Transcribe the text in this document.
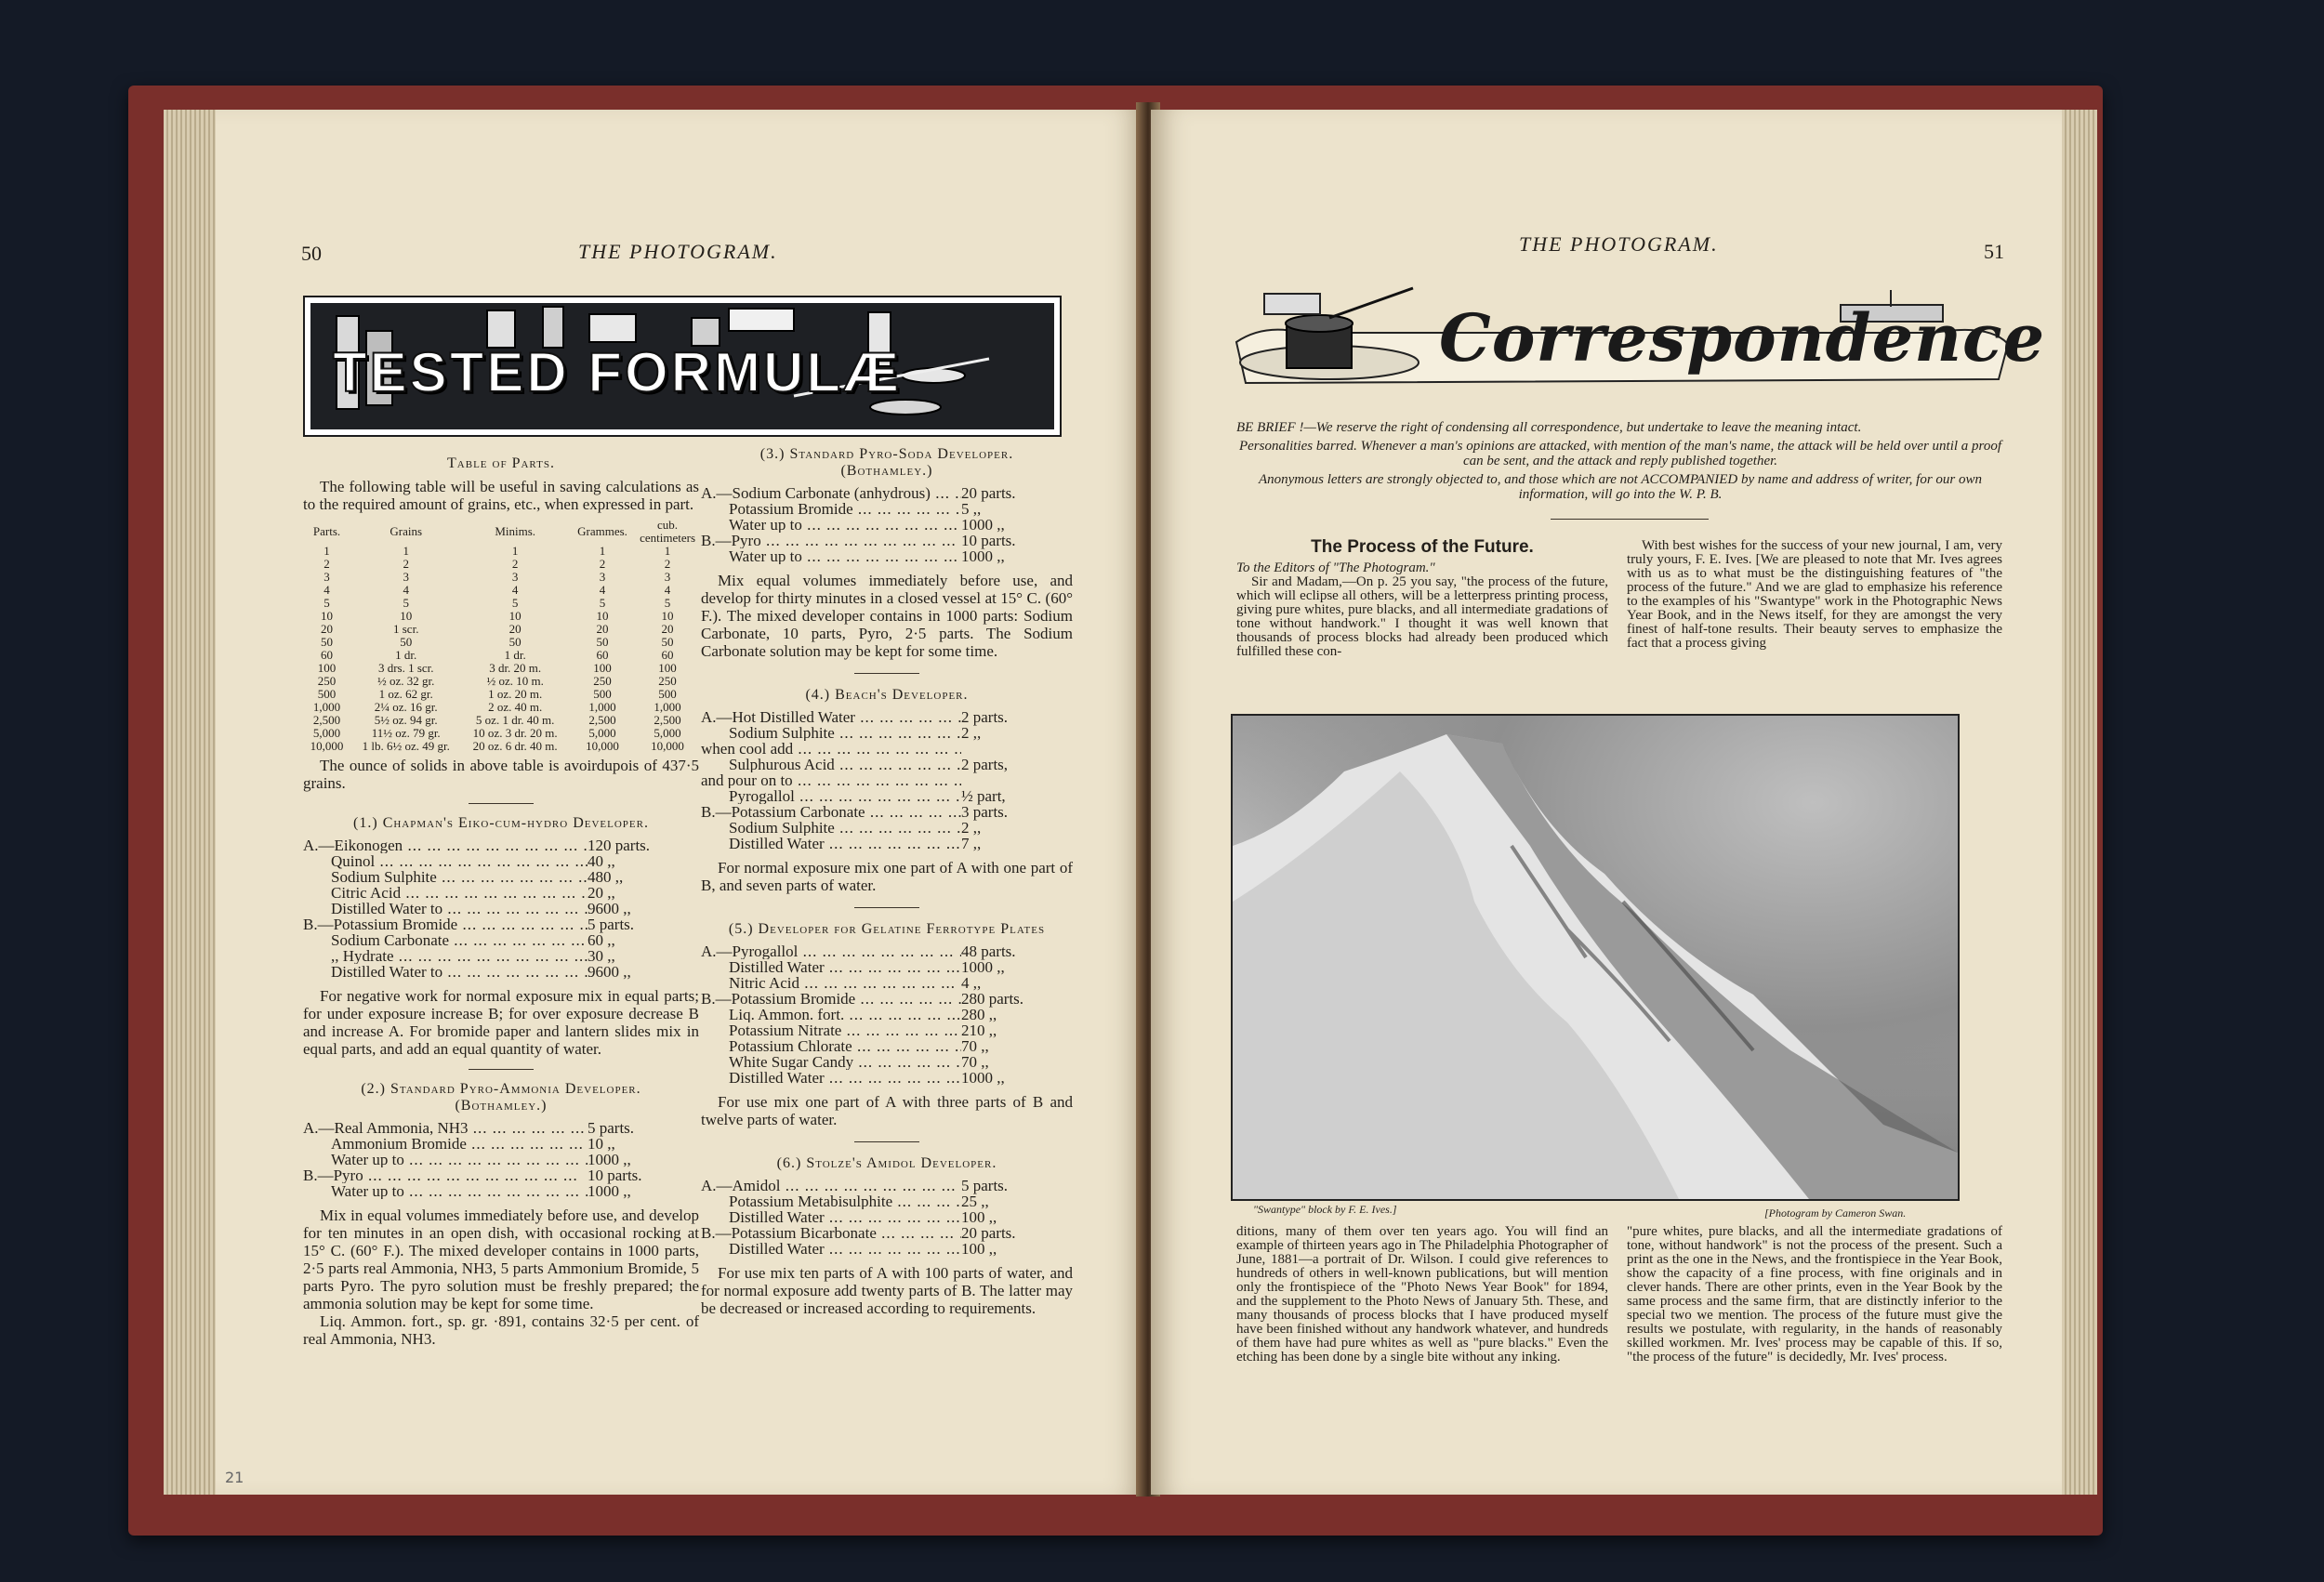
50	THE PHOTOGRAM.
TESTED FORMULÆ
Table of Parts.
The following table will be useful in saving calculations as to the required amount of grains, etc., when expressed in part.
Parts.	Grains	Minims.	Grammes.	cub. centimeters
1	1	1	1	1
2	2	2	2	2
3	3	3	3	3
4	4	4	4	4
5	5	5	5	5
10	10	10	10	10
20	1 scr.	20	20	20
50	50	50	50	50
60	1 dr.	1 dr.	60	60
100	3 drs. 1 scr.	3 dr. 20 m.	100	100
250	½ oz. 32 gr.	½ oz. 10 m.	250	250
500	1 oz. 62 gr.	1 oz. 20 m.	500	500
1,000	2¼ oz. 16 gr.	2 oz. 40 m.	1,000	1,000
2,500	5½ oz. 94 gr.	5 oz. 1 dr. 40 m.	2,500	2,500
5,000	11½ oz. 79 gr.	10 oz. 3 dr. 20 m.	5,000	5,000
10,000	1 lb. 6½ oz. 49 gr.	20 oz. 6 dr. 40 m.	10,000	10,000
The ounce of solids in above table is avoirdupois of 437·5 grains.
(1.) Chapman's Eiko-cum-hydro Developer.
A.—Eikonogen ... .	120 parts.
Quinol ... .	40 ,,
Sodium Sulphite ... .	480 ,,
Citric Acid ... .	20 ,,
Distilled Water to ... .	9600 ,,
B.—Potassium Bromide ... .	5 parts.
Sodium Carbonate ... .	60 ,,
,, Hydrate ... .	30 ,,
Distilled Water to ... .	9600 ,,
For negative work for normal exposure mix in equal parts; for under exposure increase B; for over exposure decrease B and increase A. For bromide paper and lantern slides mix in equal parts, and add an equal quantity of water.
(2.) Standard Pyro-Ammonia Developer.
(Bothamley.)
A.—Real Ammonia, NH3 ... .	5 parts.
Ammonium Bromide ... .	10 ,,
Water up to ... .	1000 ,,
B.—Pyro ... .	10 parts.
Water up to ... .	1000 ,,
Mix in equal volumes immediately before use, and develop for ten minutes in an open dish, with occasional rocking at 15° C. (60° F.). The mixed developer contains in 1000 parts, 2·5 parts real Ammonia, NH3, 5 parts Ammonium Bromide, 5 parts Pyro. The pyro solution must be freshly prepared; the ammonia solution may be kept for some time.
Liq. Ammon. fort., sp. gr. ·891, contains 32·5 per cent. of real Ammonia, NH3.
(3.) Standard Pyro-Soda Developer.
(Bothamley.)
A.—Sodium Carbonate (anhydrous) ... .	20 parts.
Potassium Bromide ... .	5 ,,
Water up to ... .	1000 ,,
B.—Pyro ... .	10 parts.
Water up to ... .	1000 ,,
Mix equal volumes immediately before use, and develop for thirty minutes in a closed vessel at 15° C. (60° F.). The mixed developer contains in 1000 parts: Sodium Carbonate, 10 parts, Pyro, 2·5 parts. The Sodium Carbonate solution may be kept for some time.
(4.) Beach's Developer.
A.—Hot Distilled Water ... .	2 parts.
Sodium Sulphite ... .	2 ,,
when cool add ... .
Sulphurous Acid ... .	2 parts,
and pour on to ... .
Pyrogallol ... .	½ part,
B.—Potassium Carbonate ... .	3 parts.
Sodium Sulphite ... .	2 ,,
Distilled Water ... .	7 ,,
For normal exposure mix one part of A with one part of B, and seven parts of water.
(5.) Developer for Gelatine Ferrotype Plates
A.—Pyrogallol ... .	48 parts.
Distilled Water ... .	1000 ,,
Nitric Acid ... .	4 ,,
B.—Potassium Bromide ... .	280 parts.
Liq. Ammon. fort. ... .	280 ,,
Potassium Nitrate ... .	210 ,,
Potassium Chlorate ... .	70 ,,
White Sugar Candy ... .	70 ,,
Distilled Water ... .	1000 ,,
For use mix one part of A with three parts of B and twelve parts of water.
(6.) Stolze's Amidol Developer.
A.—Amidol ... .	5 parts.
Potassium Metabisulphite ... .	25 ,,
Distilled Water ... .	100 ,,
B.—Potassium Bicarbonate ... .	20 parts.
Distilled Water ... .	100 ,,
For use mix ten parts of A with 100 parts of water, and for normal exposure add twenty parts of B. The latter may be decreased or increased according to requirements.
21
THE PHOTOGRAM.	51
Correspondence
BE BRIEF !—We reserve the right of condensing all correspondence, but undertake to leave the meaning intact.
Personalities barred. Whenever a man's opinions are attacked, with mention of the man's name, the attack will be held over until a proof can be sent, and the attack and reply published together.
Anonymous letters are strongly objected to, and those which are not ACCOMPANIED by name and address of writer, for our own information, will go into the W. P. B.
The Process of the Future.
To the Editors of "The Photogram."
Sir and Madam,—On p. 25 you say, "the process of the future, which will eclipse all others, will be a letterpress printing process, giving pure whites, pure blacks, and all intermediate gradations of tone without handwork." I thought it was well known that thousands of process blocks had already been produced which fulfilled these con-
With best wishes for the success of your new journal, I am, very truly yours, F. E. Ives. [We are pleased to note that Mr. Ives agrees with us as to what must be the distinguishing features of "the process of the future." And we are glad to emphasize his reference to the examples of his "Swantype" work in the Photographic News Year Book, and in the News itself, for they are amongst the very finest of half-tone results. Their beauty serves to emphasize the fact that a process giving
"Swantype" block by F. E. Ives.]	[Photogram by Cameron Swan.
ditions, many of them over ten years ago. You will find an example of thirteen years ago in The Philadelphia Photographer of June, 1881—a portrait of Dr. Wilson. I could give references to hundreds of others in well-known publications, but will mention only the frontispiece of the "Photo News Year Book" for 1894, and the supplement to the Photo News of January 5th. These, and many thousands of process blocks that I have produced myself have been finished without any handwork whatever, and hundreds of them have had pure whites as well as "pure blacks." Even the etching has been done by a single bite without any inking.
"pure whites, pure blacks, and all the intermediate gradations of tone, without handwork" is not the process of the present. Such a print as the one in the News, and the frontispiece in the Year Book, show the capacity of a fine process, with fine originals and in clever hands. There are other prints, even in the Year Book by the same process and the same firm, that are distinctly inferior to the special two we mention. The process of the future must give the results we postulate, with regularity, in the hands of reasonably skilled workmen. Mr. Ives' process may be capable of this. If so, "the process of the future" is decidedly, Mr. Ives' process.
